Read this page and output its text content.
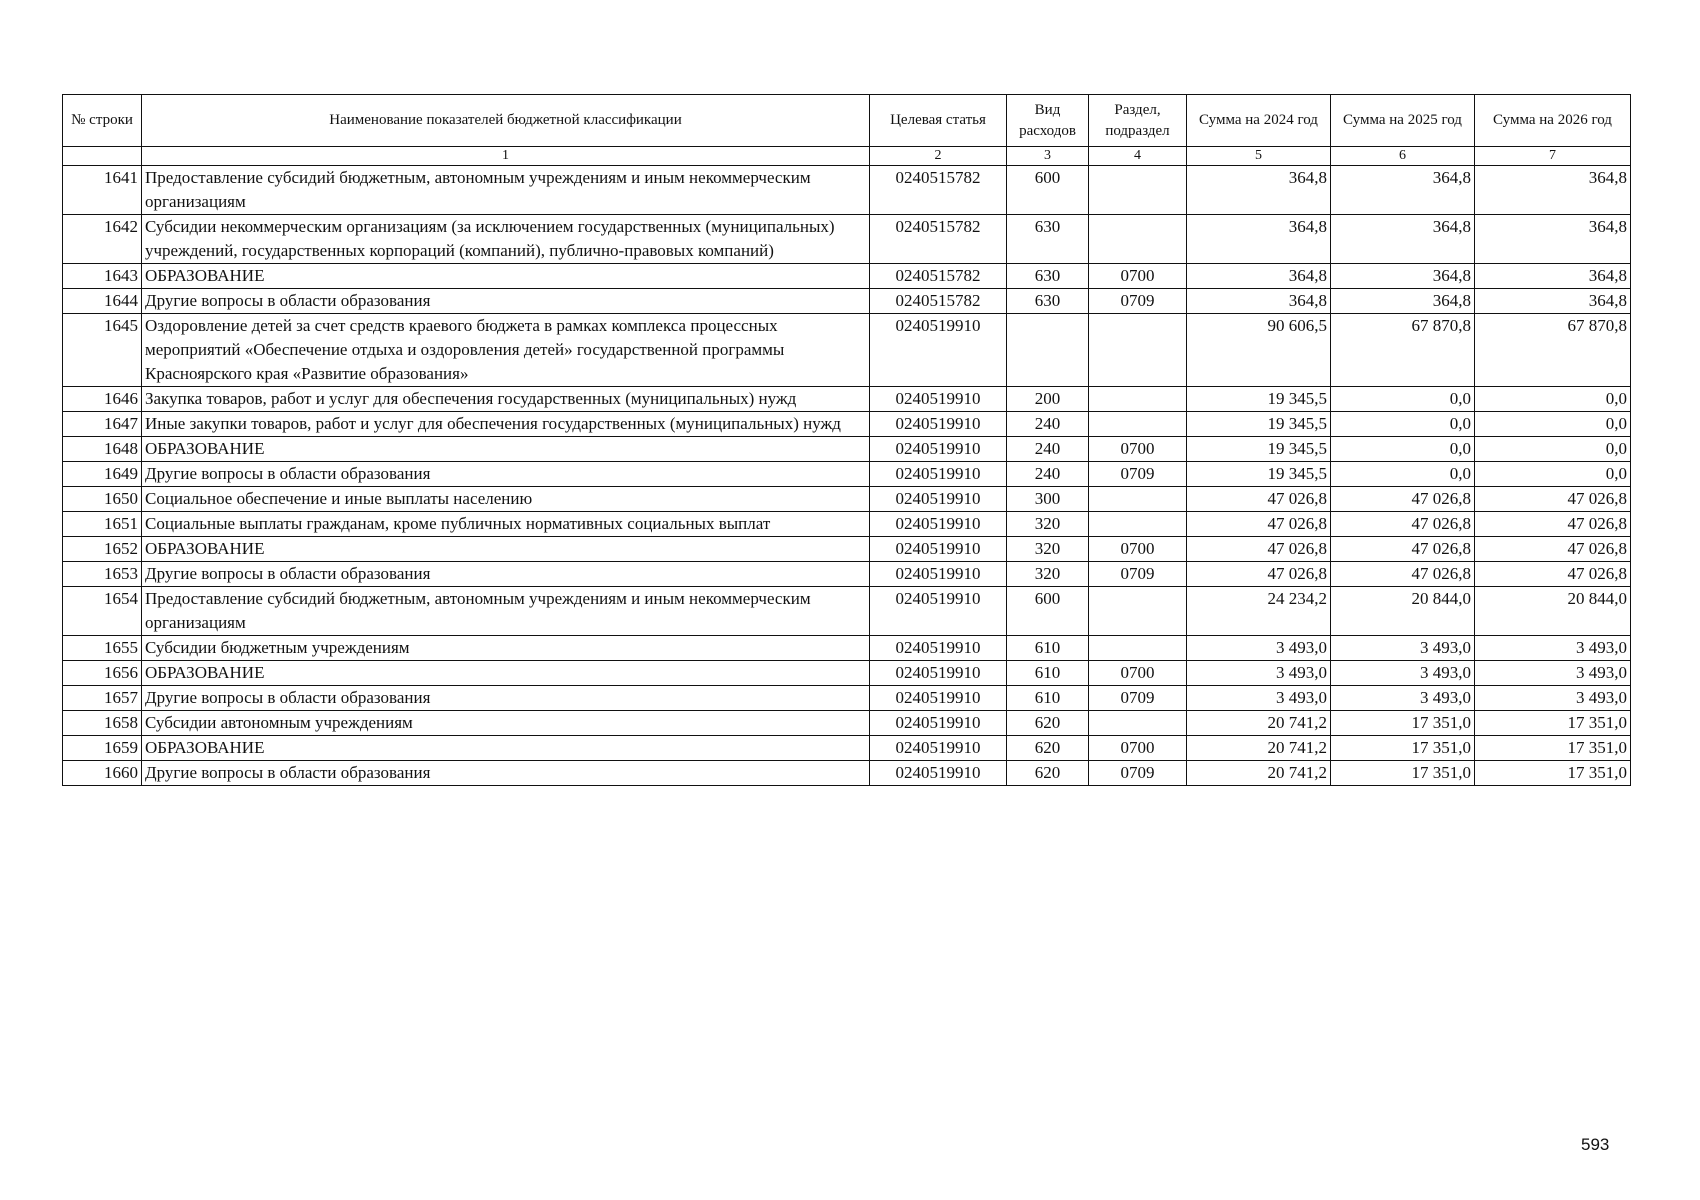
№ строки	Наименование показателей бюджетной классификации	Целевая статья	Вид расходов	Раздел, подраздел	Сумма на 2024 год	Сумма на 2025 год	Сумма на 2026 год
	1	2	3	4	5	6	7
1641	Предоставление субсидий бюджетным, автономным учреждениям и иным некоммерческим организациям	0240515782	600		364,8	364,8	364,8
1642	Субсидии некоммерческим организациям (за исключением государственных (муниципальных) учреждений, государственных корпораций (компаний), публично-правовых компаний)	0240515782	630		364,8	364,8	364,8
1643	ОБРАЗОВАНИЕ	0240515782	630	0700	364,8	364,8	364,8
1644	Другие вопросы в области образования	0240515782	630	0709	364,8	364,8	364,8
1645	Оздоровление детей за счет средств краевого бюджета в рамках комплекса процессных мероприятий «Обеспечение отдыха и оздоровления детей» государственной программы Красноярского края «Развитие образования»	0240519910			90 606,5	67 870,8	67 870,8
1646	Закупка товаров, работ и услуг для обеспечения государственных (муниципальных) нужд	0240519910	200		19 345,5	0,0	0,0
1647	Иные закупки товаров, работ и услуг для обеспечения государственных (муниципальных) нужд	0240519910	240		19 345,5	0,0	0,0
1648	ОБРАЗОВАНИЕ	0240519910	240	0700	19 345,5	0,0	0,0
1649	Другие вопросы в области образования	0240519910	240	0709	19 345,5	0,0	0,0
1650	Социальное обеспечение и иные выплаты населению	0240519910	300		47 026,8	47 026,8	47 026,8
1651	Социальные выплаты гражданам, кроме публичных нормативных социальных выплат	0240519910	320		47 026,8	47 026,8	47 026,8
1652	ОБРАЗОВАНИЕ	0240519910	320	0700	47 026,8	47 026,8	47 026,8
1653	Другие вопросы в области образования	0240519910	320	0709	47 026,8	47 026,8	47 026,8
1654	Предоставление субсидий бюджетным, автономным учреждениям и иным некоммерческим организациям	0240519910	600		24 234,2	20 844,0	20 844,0
1655	Субсидии бюджетным учреждениям	0240519910	610		3 493,0	3 493,0	3 493,0
1656	ОБРАЗОВАНИЕ	0240519910	610	0700	3 493,0	3 493,0	3 493,0
1657	Другие вопросы в области образования	0240519910	610	0709	3 493,0	3 493,0	3 493,0
1658	Субсидии автономным учреждениям	0240519910	620		20 741,2	17 351,0	17 351,0
1659	ОБРАЗОВАНИЕ	0240519910	620	0700	20 741,2	17 351,0	17 351,0
1660	Другие вопросы в области образования	0240519910	620	0709	20 741,2	17 351,0	17 351,0
593
